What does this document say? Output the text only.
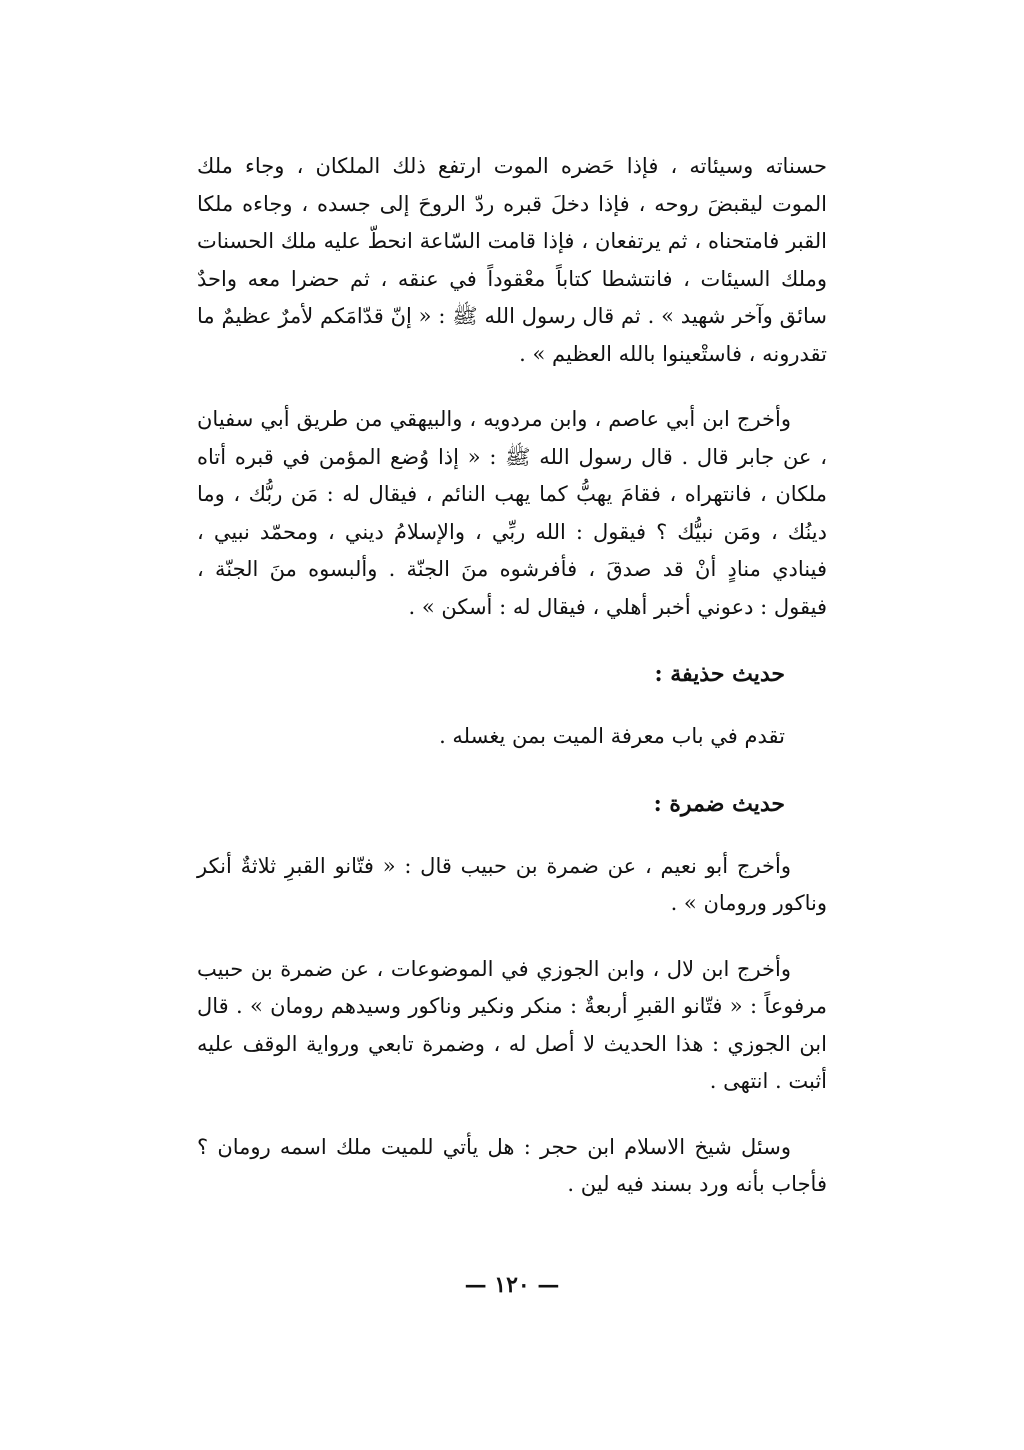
حسناته وسيئاته ، فإذا حَضره الموت ارتفع ذلك الملكان ، وجاء ملك الموت ليقبضَ روحه ، فإذا دخلَ قبره ردّ الروحَ إلى جسده ، وجاءه ملكا القبر فامتحناه ، ثم يرتفعان ، فإذا قامت السّاعة انحطّ عليه ملك الحسنات وملك السيئات ، فانتشطا كتاباً معْقوداً في عنقه ، ثم حضرا معه واحدٌ سائق وآخر شهيد » . ثم قال رسول الله ﷺ : « إنّ قدّامَكم لأمرٌ عظيمٌ ما تقدرونه ، فاستْعينوا بالله العظيم » .

وأخرج ابن أبي عاصم ، وابن مردويه ، والبيهقي من طريق أبي سفيان ، عن جابر قال . قال رسول الله ﷺ : « إذا وُضع المؤمن في قبره أتاه ملكان ، فانتهراه ، فقامَ يهبُّ كما يهب النائم ، فيقال له : مَن ربُّك ، وما دينُك ، ومَن نبيُّك ؟ فيقول : الله ربِّي ، والإسلامُ ديني ، ومحمّد نبيي ، فينادي منادٍ أنْ قد صدقَ ، فأفرشوه منَ الجنّة . وألبسوه منَ الجنّة ، فيقول : دعوني أخبر أهلي ، فيقال له : أسكن » .

حديث حذيفة :

تقدم في باب معرفة الميت بمن يغسله .

حديث ضمرة :

وأخرج أبو نعيم ، عن ضمرة بن حبيب قال : « فتّانو القبرِ ثلاثةٌ أنكر وناكور ورومان » .

وأخرج ابن لال ، وابن الجوزي في الموضوعات ، عن ضمرة بن حبيب مرفوعاً : « فتّانو القبرِ أربعةٌ : منكر ونكير وناكور وسيدهم رومان » . قال ابن الجوزي : هذا الحديث لا أصل له ، وضمرة تابعي ورواية الوقف عليه أثبت . انتهى .

وسئل شيخ الاسلام ابن حجر : هل يأتي للميت ملك اسمه رومان ؟ فأجاب بأنه ورد بسند فيه لين .

— ١٢٠ —
